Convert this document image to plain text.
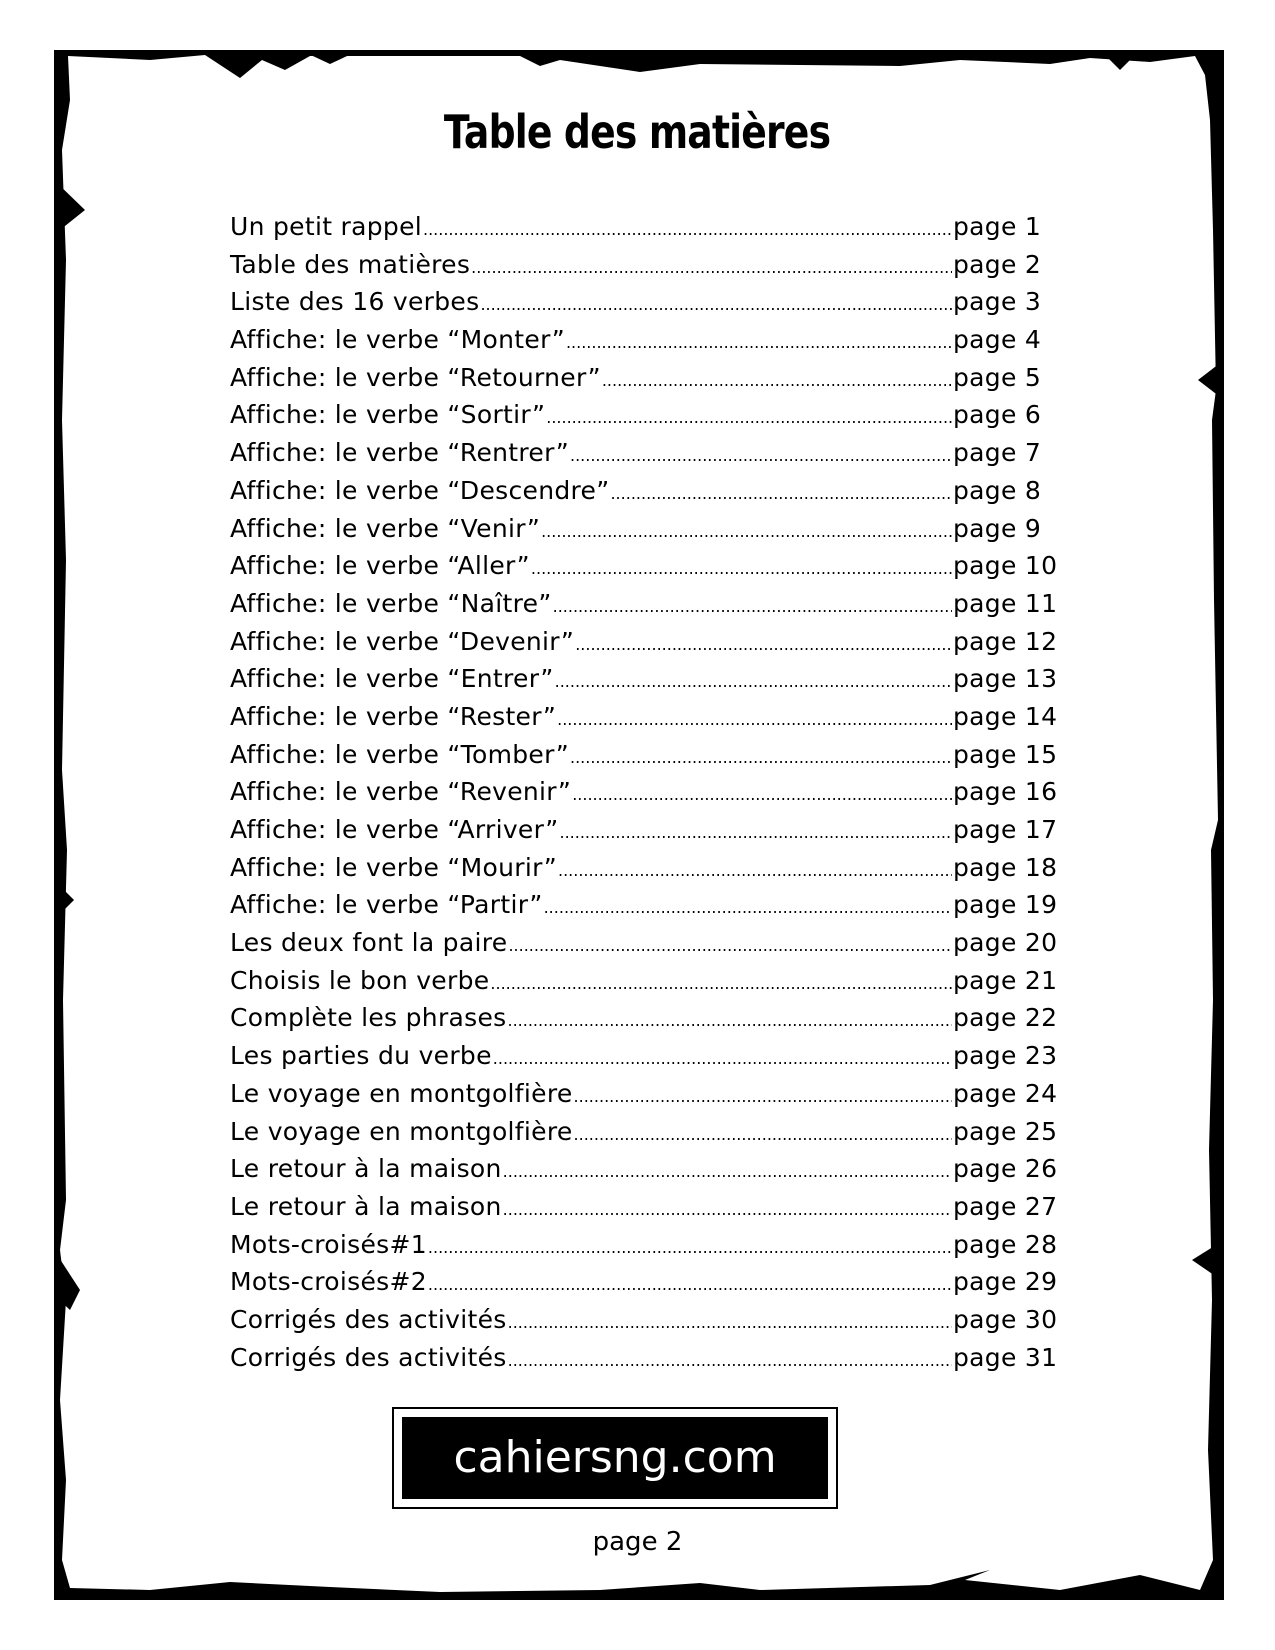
Table des matières
Un petit rappel .....	page 1
Table des matières .....	page 2
Liste des 16 verbes .....	page 3
Affiche: le verbe “Monter” .....	page 4
Affiche: le verbe “Retourner” .....	page 5
Affiche: le verbe “Sortir” .....	page 6
Affiche: le verbe “Rentrer” .....	page 7
Affiche: le verbe “Descendre” .....	page 8
Affiche: le verbe “Venir” .....	page 9
Affiche: le verbe “Aller” .....	page 10
Affiche: le verbe “Naître” .....	page 11
Affiche: le verbe “Devenir” .....	page 12
Affiche: le verbe “Entrer” .....	page 13
Affiche: le verbe “Rester” .....	page 14
Affiche: le verbe “Tomber” .....	page 15
Affiche: le verbe “Revenir” .....	page 16
Affiche: le verbe “Arriver” .....	page 17
Affiche: le verbe “Mourir” .....	page 18
Affiche: le verbe “Partir” .....	page 19
Les deux font la paire .....	page 20
Choisis le bon verbe .....	page 21
Complète les phrases .....	page 22
Les parties du verbe .....	page 23
Le voyage en montgolfière .....	page 24
Le voyage en montgolfière .....	page 25
Le retour à la maison .....	page 26
Le retour à la maison .....	page 27
Mots-croisés#1 .....	page 28
Mots-croisés#2 .....	page 29
Corrigés des activités .....	page 30
Corrigés des activités .....	page 31
cahiersng.com
page 2
